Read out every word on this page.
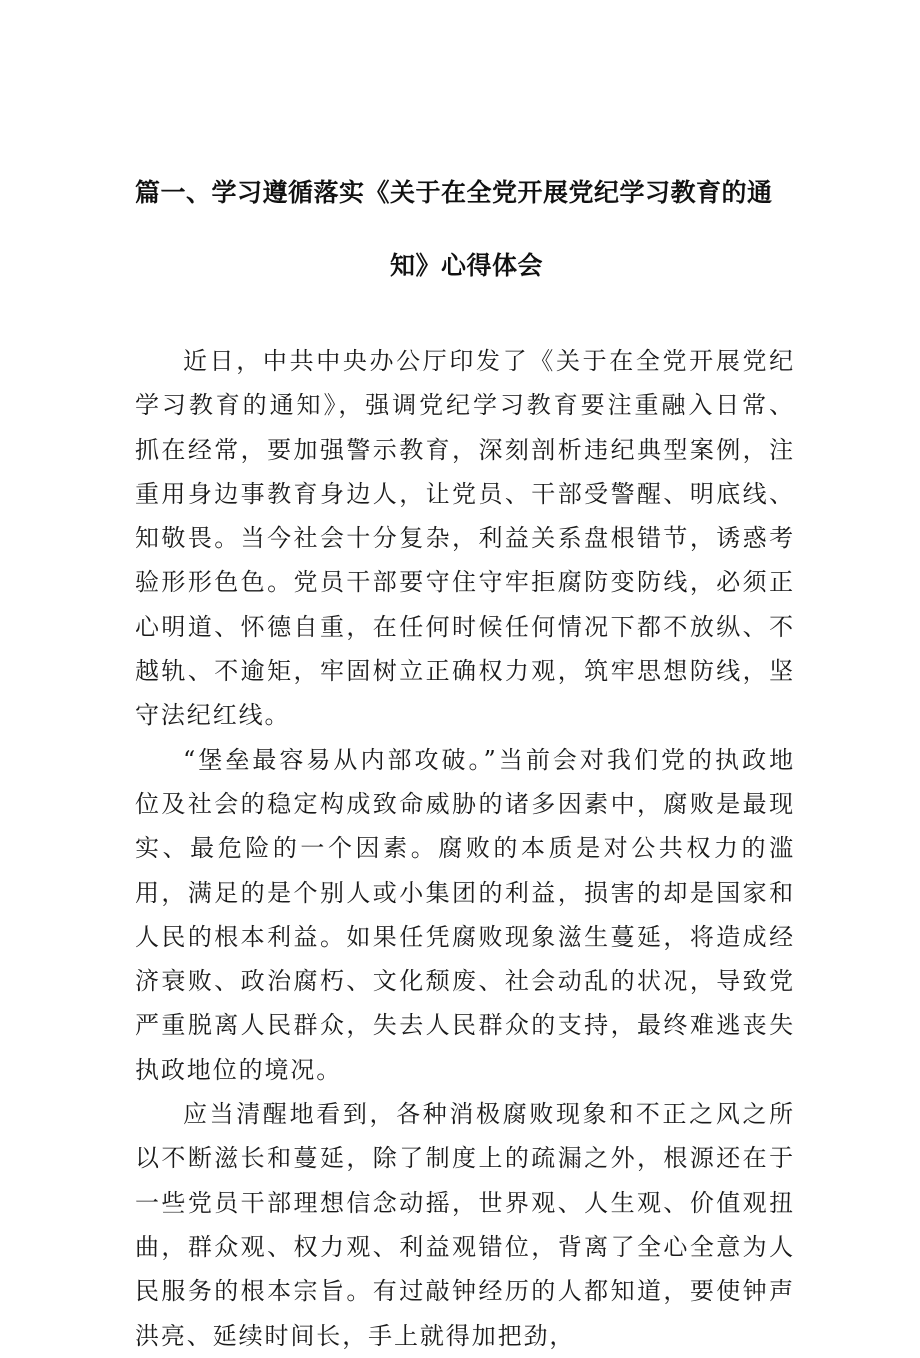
篇一、学习遵循落实《关于在全党开展党纪学习教育的通
知》心得体会

近日，中共中央办公厅印发了《关于在全党开展党纪学习教育的通知》，强调党纪学习教育要注重融入日常、抓在经常，要加强警示教育，深刻剖析违纪典型案例，注重用身边事教育身边人，让党员、干部受警醒、明底线、知敬畏。当今社会十分复杂，利益关系盘根错节，诱惑考验形形色色。党员干部要守住守牢拒腐防变防线，必须正心明道、怀德自重，在任何时候任何情况下都不放纵、不越轨、不逾矩，牢固树立正确权力观，筑牢思想防线，坚守法纪红线。

“堡垒最容易从内部攻破。”当前会对我们党的执政地位及社会的稳定构成致命威胁的诸多因素中，腐败是最现实、最危险的一个因素。腐败的本质是对公共权力的滥用，满足的是个别人或小集团的利益，损害的却是国家和人民的根本利益。如果任凭腐败现象滋生蔓延，将造成经济衰败、政治腐朽、文化颓废、社会动乱的状况，导致党严重脱离人民群众，失去人民群众的支持，最终难逃丧失执政地位的境况。

应当清醒地看到，各种消极腐败现象和不正之风之所以不断滋长和蔓延，除了制度上的疏漏之外，根源还在于一些党员干部理想信念动摇，世界观、人生观、价值观扭曲，群众观、权力观、利益观错位，背离了全心全意为人民服务的根本宗旨。有过敲钟经历的人都知道，要使钟声洪亮、延续时间长，手上就得加把劲，
